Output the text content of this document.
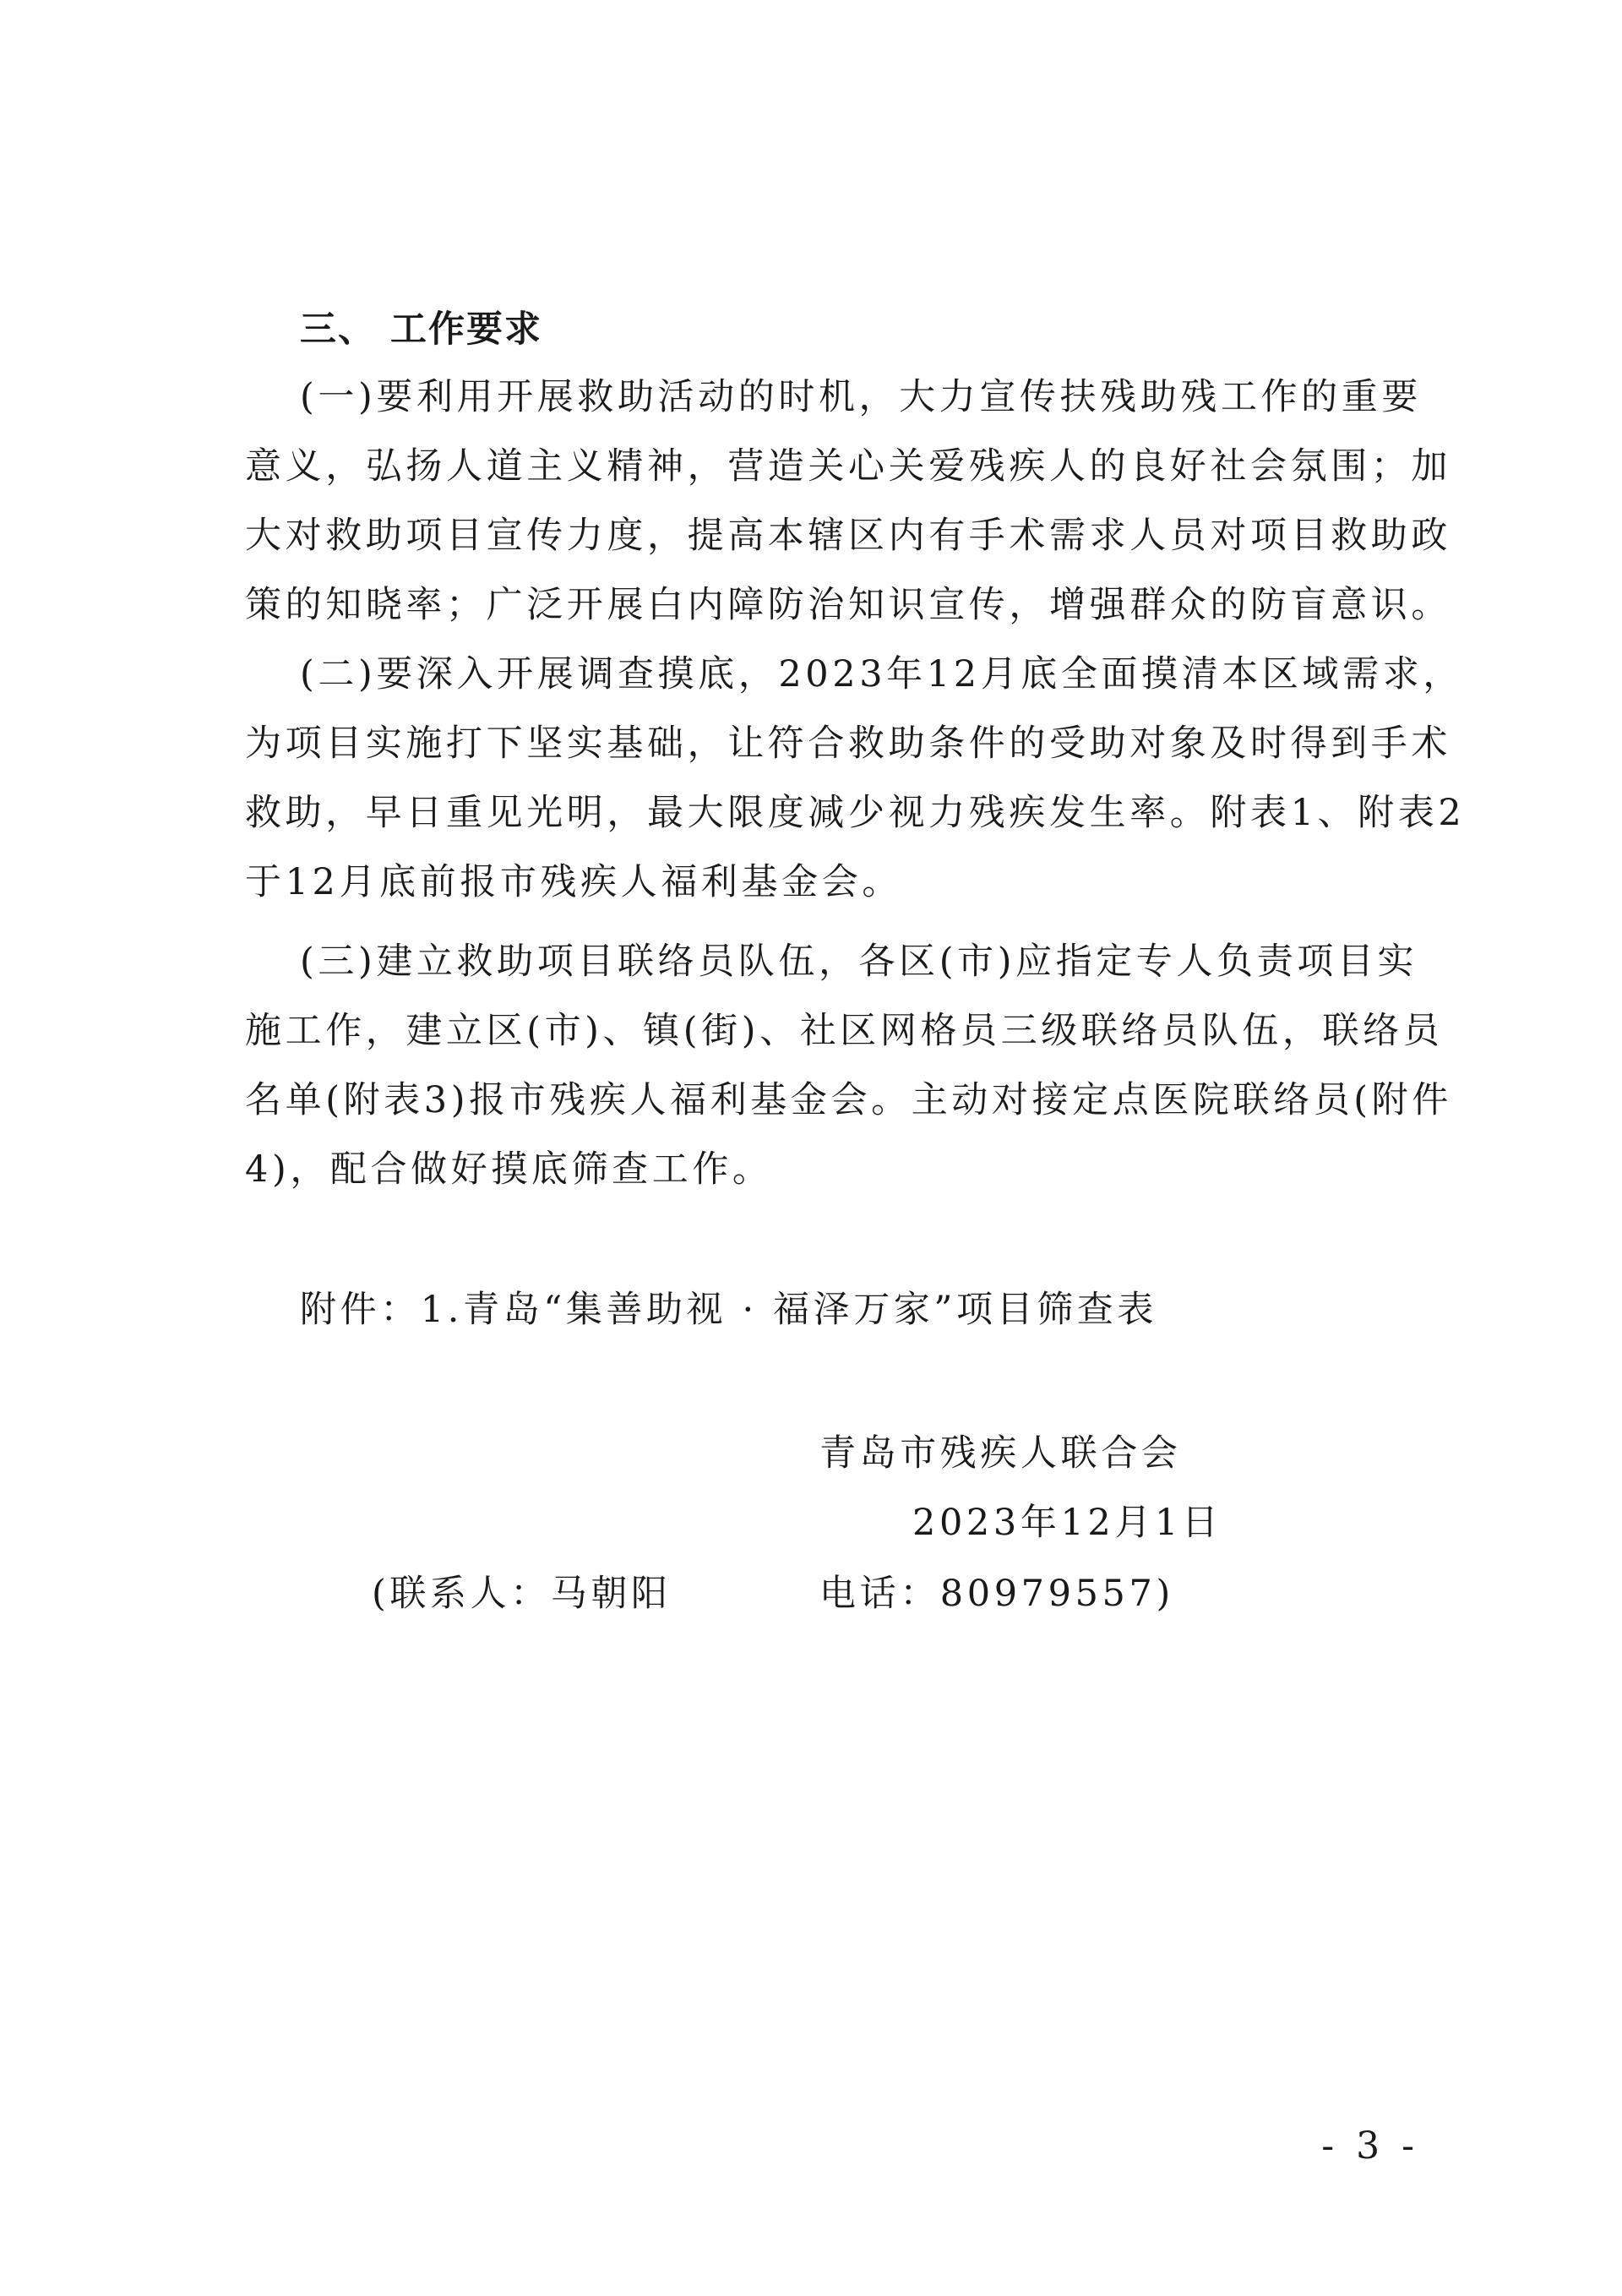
三、 工作要求
(一)要利用开展救助活动的时机，大力宣传扶残助残工作的重要
意义，弘扬人道主义精神，营造关心关爱残疾人的良好社会氛围；加
大对救助项目宣传力度，提高本辖区内有手术需求人员对项目救助政
策的知晓率；广泛开展白内障防治知识宣传，增强群众的防盲意识。
(二)要深入开展调查摸底，2023年12月底全面摸清本区域需求，
为项目实施打下坚实基础，让符合救助条件的受助对象及时得到手术
救助，早日重见光明，最大限度减少视力残疾发生率。附表1、附表2
于12月底前报市残疾人福利基金会。
(三)建立救助项目联络员队伍，各区(市)应指定专人负责项目实
施工作，建立区(市)、镇(街)、社区网格员三级联络员队伍，联络员
名单(附表3)报市残疾人福利基金会。主动对接定点医院联络员(附件
4)，配合做好摸底筛查工作。
附件：1.青岛“集善助视 · 福泽万家”项目筛查表
青岛市残疾人联合会
2023年12月1日
(联系人：马朝阳	电话：80979557)
- 3 -
